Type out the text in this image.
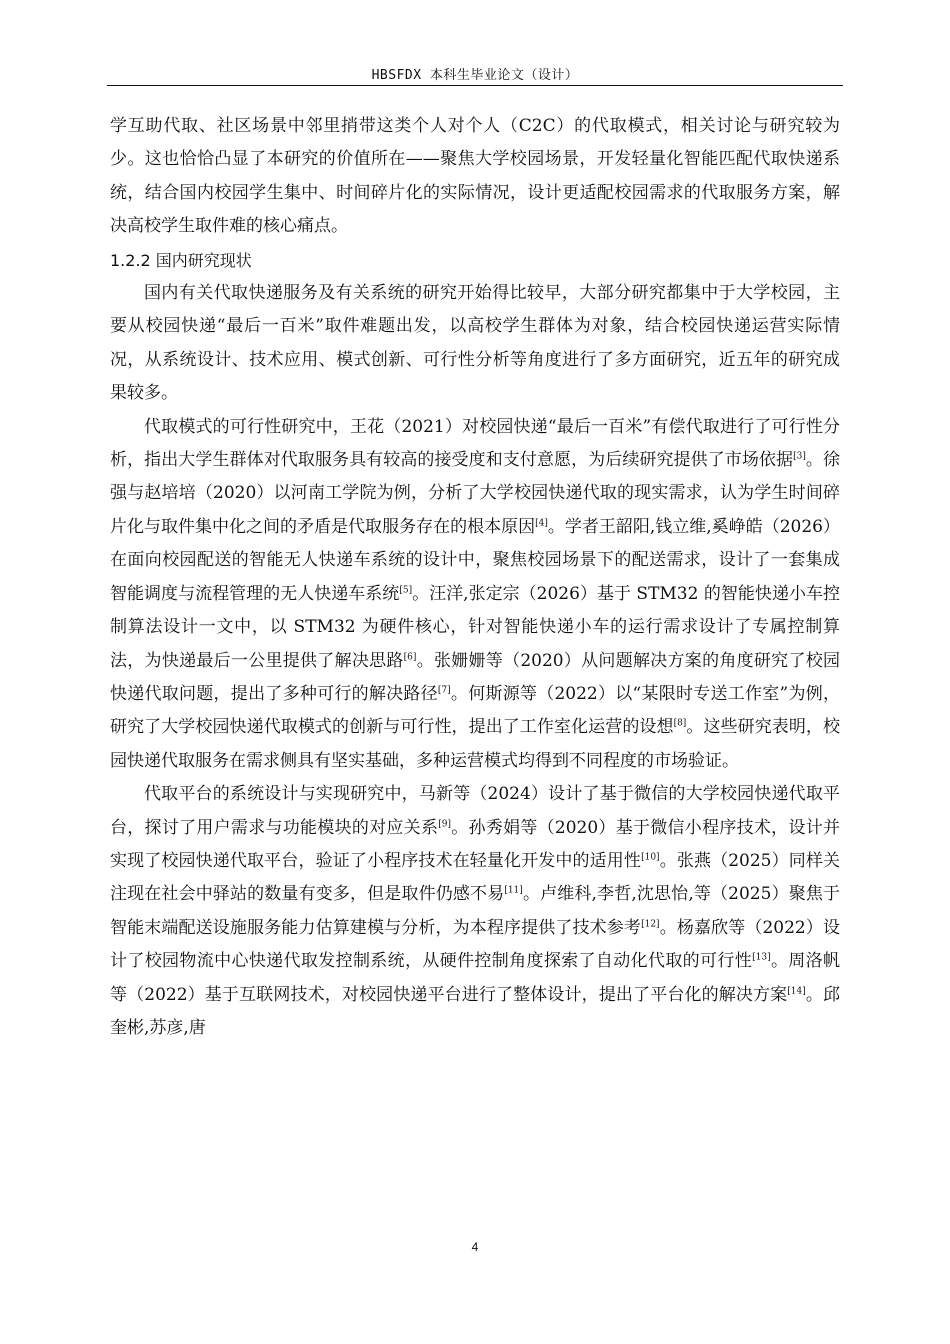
HBSFDX 本科生毕业论文（设计）

学互助代取、社区场景中邻里捎带这类个人对个人（C2C）的代取模式，相关讨论与研究较为少。这也恰恰凸显了本研究的价值所在——聚焦大学校园场景，开发轻量化智能匹配代取快递系统，结合国内校园学生集中、时间碎片化的实际情况，设计更适配校园需求的代取服务方案，解决高校学生取件难的核心痛点。

1.2.2 国内研究现状

国内有关代取快递服务及有关系统的研究开始得比较早，大部分研究都集中于大学校园，主要从校园快递“最后一百米”取件难题出发，以高校学生群体为对象，结合校园快递运营实际情况，从系统设计、技术应用、模式创新、可行性分析等角度进行了多方面研究，近五年的研究成果较多。

代取模式的可行性研究中，王花（2021）对校园快递“最后一百米”有偿代取进行了可行性分析，指出大学生群体对代取服务具有较高的接受度和支付意愿，为后续研究提供了市场依据[3]。徐强与赵培培（2020）以河南工学院为例，分析了大学校园快递代取的现实需求，认为学生时间碎片化与取件集中化之间的矛盾是代取服务存在的根本原因[4]。学者王韶阳,钱立维,奚峥皓（2026）在面向校园配送的智能无人快递车系统的设计中，聚焦校园场景下的配送需求，设计了一套集成智能调度与流程管理的无人快递车系统[5]。汪洋,张定宗（2026）基于 STM32 的智能快递小车控制算法设计一文中，以 STM32 为硬件核心，针对智能快递小车的运行需求设计了专属控制算法，为快递最后一公里提供了解决思路[6]。张姗姗等（2020）从问题解决方案的角度研究了校园快递代取问题，提出了多种可行的解决路径[7]。何斯源等（2022）以“某限时专送工作室”为例，研究了大学校园快递代取模式的创新与可行性，提出了工作室化运营的设想[8]。这些研究表明，校园快递代取服务在需求侧具有坚实基础，多种运营模式均得到不同程度的市场验证。

代取平台的系统设计与实现研究中，马新等（2024）设计了基于微信的大学校园快递代取平台，探讨了用户需求与功能模块的对应关系[9]。孙秀娟等（2020）基于微信小程序技术，设计并实现了校园快递代取平台，验证了小程序技术在轻量化开发中的适用性[10]。张燕（2025）同样关注现在社会中驿站的数量有变多，但是取件仍感不易[11]。卢维科,李哲,沈思怡,等（2025）聚焦于智能末端配送设施服务能力估算建模与分析，为本程序提供了技术参考[12]。杨嘉欣等（2022）设计了校园物流中心快递代取发控制系统，从硬件控制角度探索了自动化代取的可行性[13]。周洛帆等（2022）基于互联网技术，对校园快递平台进行了整体设计，提出了平台化的解决方案[14]。邱奎彬,苏彦,唐

4
